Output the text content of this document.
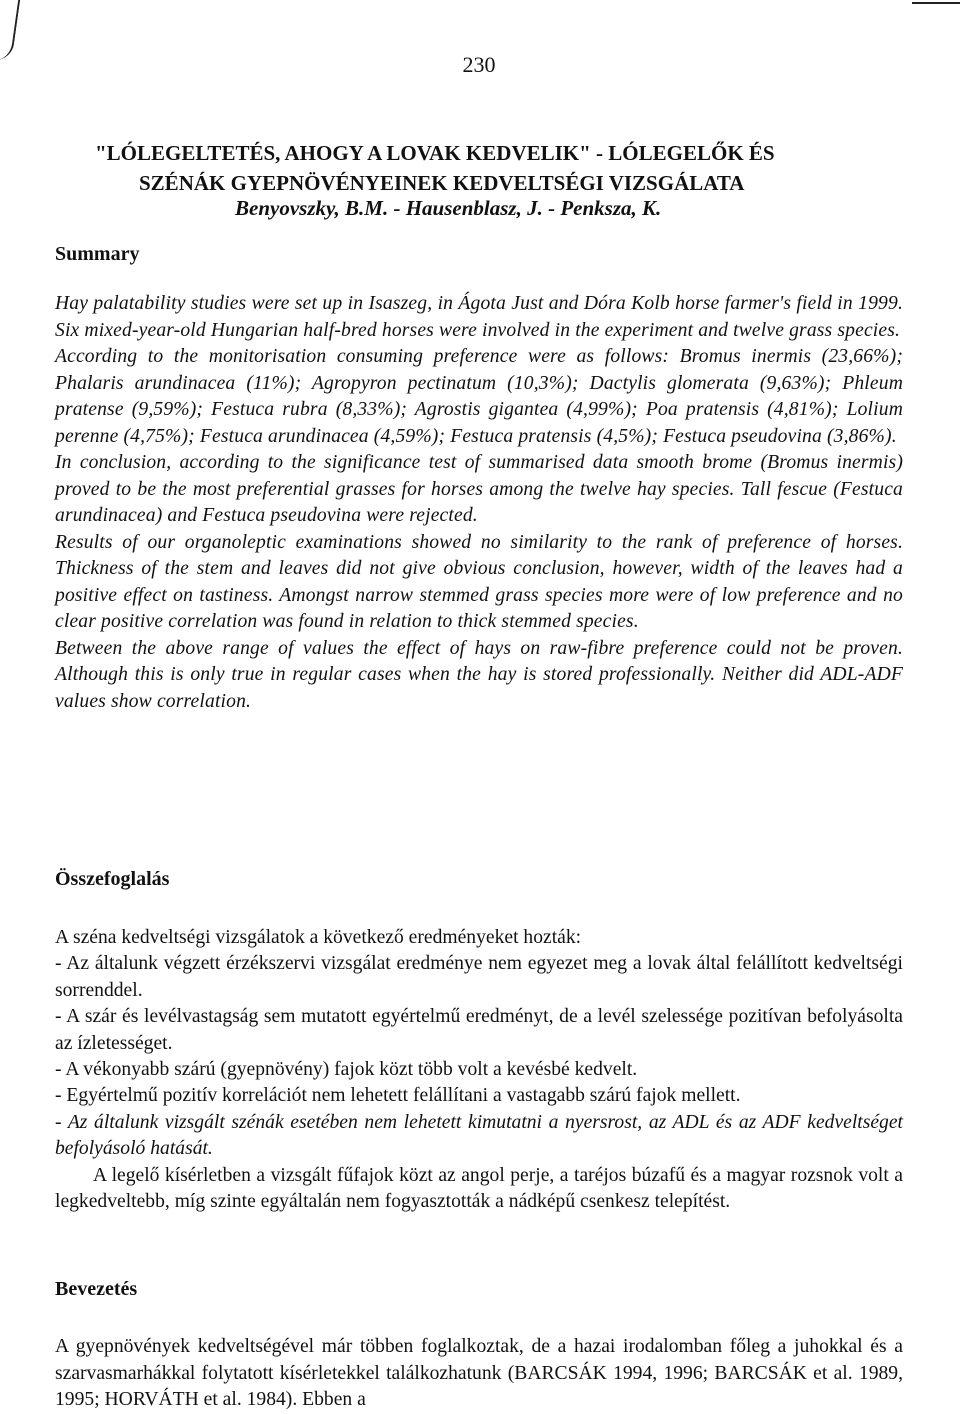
230
"LÓLEGELTETÉS, AHOGY A LOVAK KEDVELIK" - LÓLEGELŐK ÉS
SZÉNÁK GYEPNÖVÉNYEINEK KEDVELTSÉGI VIZSGÁLATA
Benyovszky, B.M. - Hausenblasz, J. - Penksza, K.
Summary

Hay palatability studies were set up in Isaszeg, in Ágota Just and Dóra Kolb horse farmer's field in 1999. Six mixed-year-old Hungarian half-bred horses were involved in the experiment and twelve grass species.

According to the monitorisation consuming preference were as follows: Bromus inermis (23,66%); Phalaris arundinacea (11%); Agropyron pectinatum (10,3%); Dactylis glomerata (9,63%); Phleum pratense (9,59%); Festuca rubra (8,33%); Agrostis gigantea (4,99%); Poa pratensis (4,81%); Lolium perenne (4,75%); Festuca arundinacea (4,59%); Festuca pratensis (4,5%); Festuca pseudovina (3,86%).

In conclusion, according to the significance test of summarised data smooth brome (Bromus inermis) proved to be the most preferential grasses for horses among the twelve hay species. Tall fescue (Festuca arundinacea) and Festuca pseudovina were rejected.

Results of our organoleptic examinations showed no similarity to the rank of preference of horses. Thickness of the stem and leaves did not give obvious conclusion, however, width of the leaves had a positive effect on tastiness. Amongst narrow stemmed grass species more were of low preference and no clear positive correlation was found in relation to thick stemmed species.

Between the above range of values the effect of hays on raw-fibre preference could not be proven. Although this is only true in regular cases when the hay is stored professionally. Neither did ADL-ADF values show correlation.

Összefoglalás

A széna kedveltségi vizsgálatok a következő eredményeket hozták:

- Az általunk végzett érzékszervi vizsgálat eredménye nem egyezet meg a lovak által felállított kedveltségi sorrenddel.

- A szár és levélvastagság sem mutatott egyértelmű eredményt, de a levél szelessége pozitívan befolyásolta az ízletességet.

- A vékonyabb szárú (gyepnövény) fajok közt több volt a kevésbé kedvelt.

- Egyértelmű pozitív korrelációt nem lehetett felállítani a vastagabb szárú fajok mellett.

- Az általunk vizsgált szénák esetében nem lehetett kimutatni a nyersrost, az ADL és az ADF kedveltséget befolyásoló hatását.

A legelő kísérletben a vizsgált fűfajok közt az angol perje, a taréjos búzafű és a magyar rozsnok volt a legkedveltebb, míg szinte egyáltalán nem fogyasztották a nádképű csenkesz telepítést.

Bevezetés

A gyepnövények kedveltségével már többen foglalkoztak, de a hazai irodalomban főleg a juhokkal és a szarvasmarhákkal folytatott kísérletekkel találkozhatunk (BARCSÁK 1994, 1996; BARCSÁK et al. 1989, 1995; HORVÁTH et al. 1984). Ebben a
